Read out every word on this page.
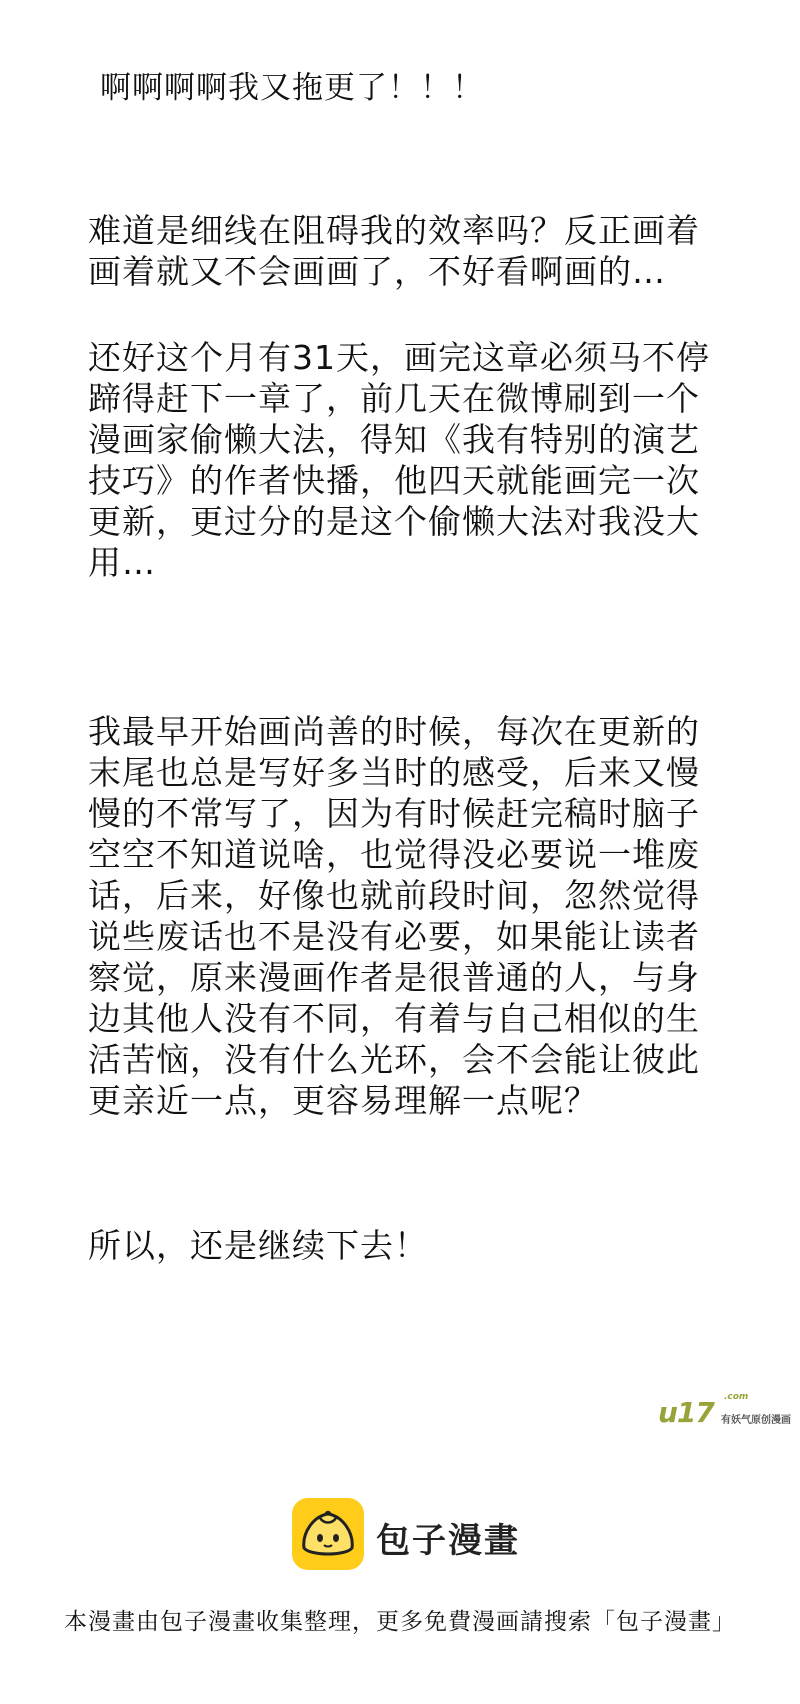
啊啊啊啊我又拖更了！！！
难道是细线在阻碍我的效率吗？反正画着
画着就又不会画画了，不好看啊画的…
还好这个月有31天，画完这章必须马不停
蹄得赶下一章了，前几天在微博刷到一个
漫画家偷懒大法，得知《我有特别的演艺
技巧》的作者快播，他四天就能画完一次
更新，更过分的是这个偷懒大法对我没大
用…
我最早开始画尚善的时候，每次在更新的
末尾也总是写好多当时的感受，后来又慢
慢的不常写了，因为有时候赶完稿时脑子
空空不知道说啥，也觉得没必要说一堆废
话，后来，好像也就前段时间，忽然觉得
说些废话也不是没有必要，如果能让读者
察觉，原来漫画作者是很普通的人，与身
边其他人没有不同，有着与自己相似的生
活苦恼，没有什么光环，会不会能让彼此
更亲近一点，更容易理解一点呢？
所以，还是继续下去！
u17 .com
有妖气原创漫画
包子漫畫
本漫畫由包子漫畫收集整理，更多免費漫画請搜索「包子漫畫」
